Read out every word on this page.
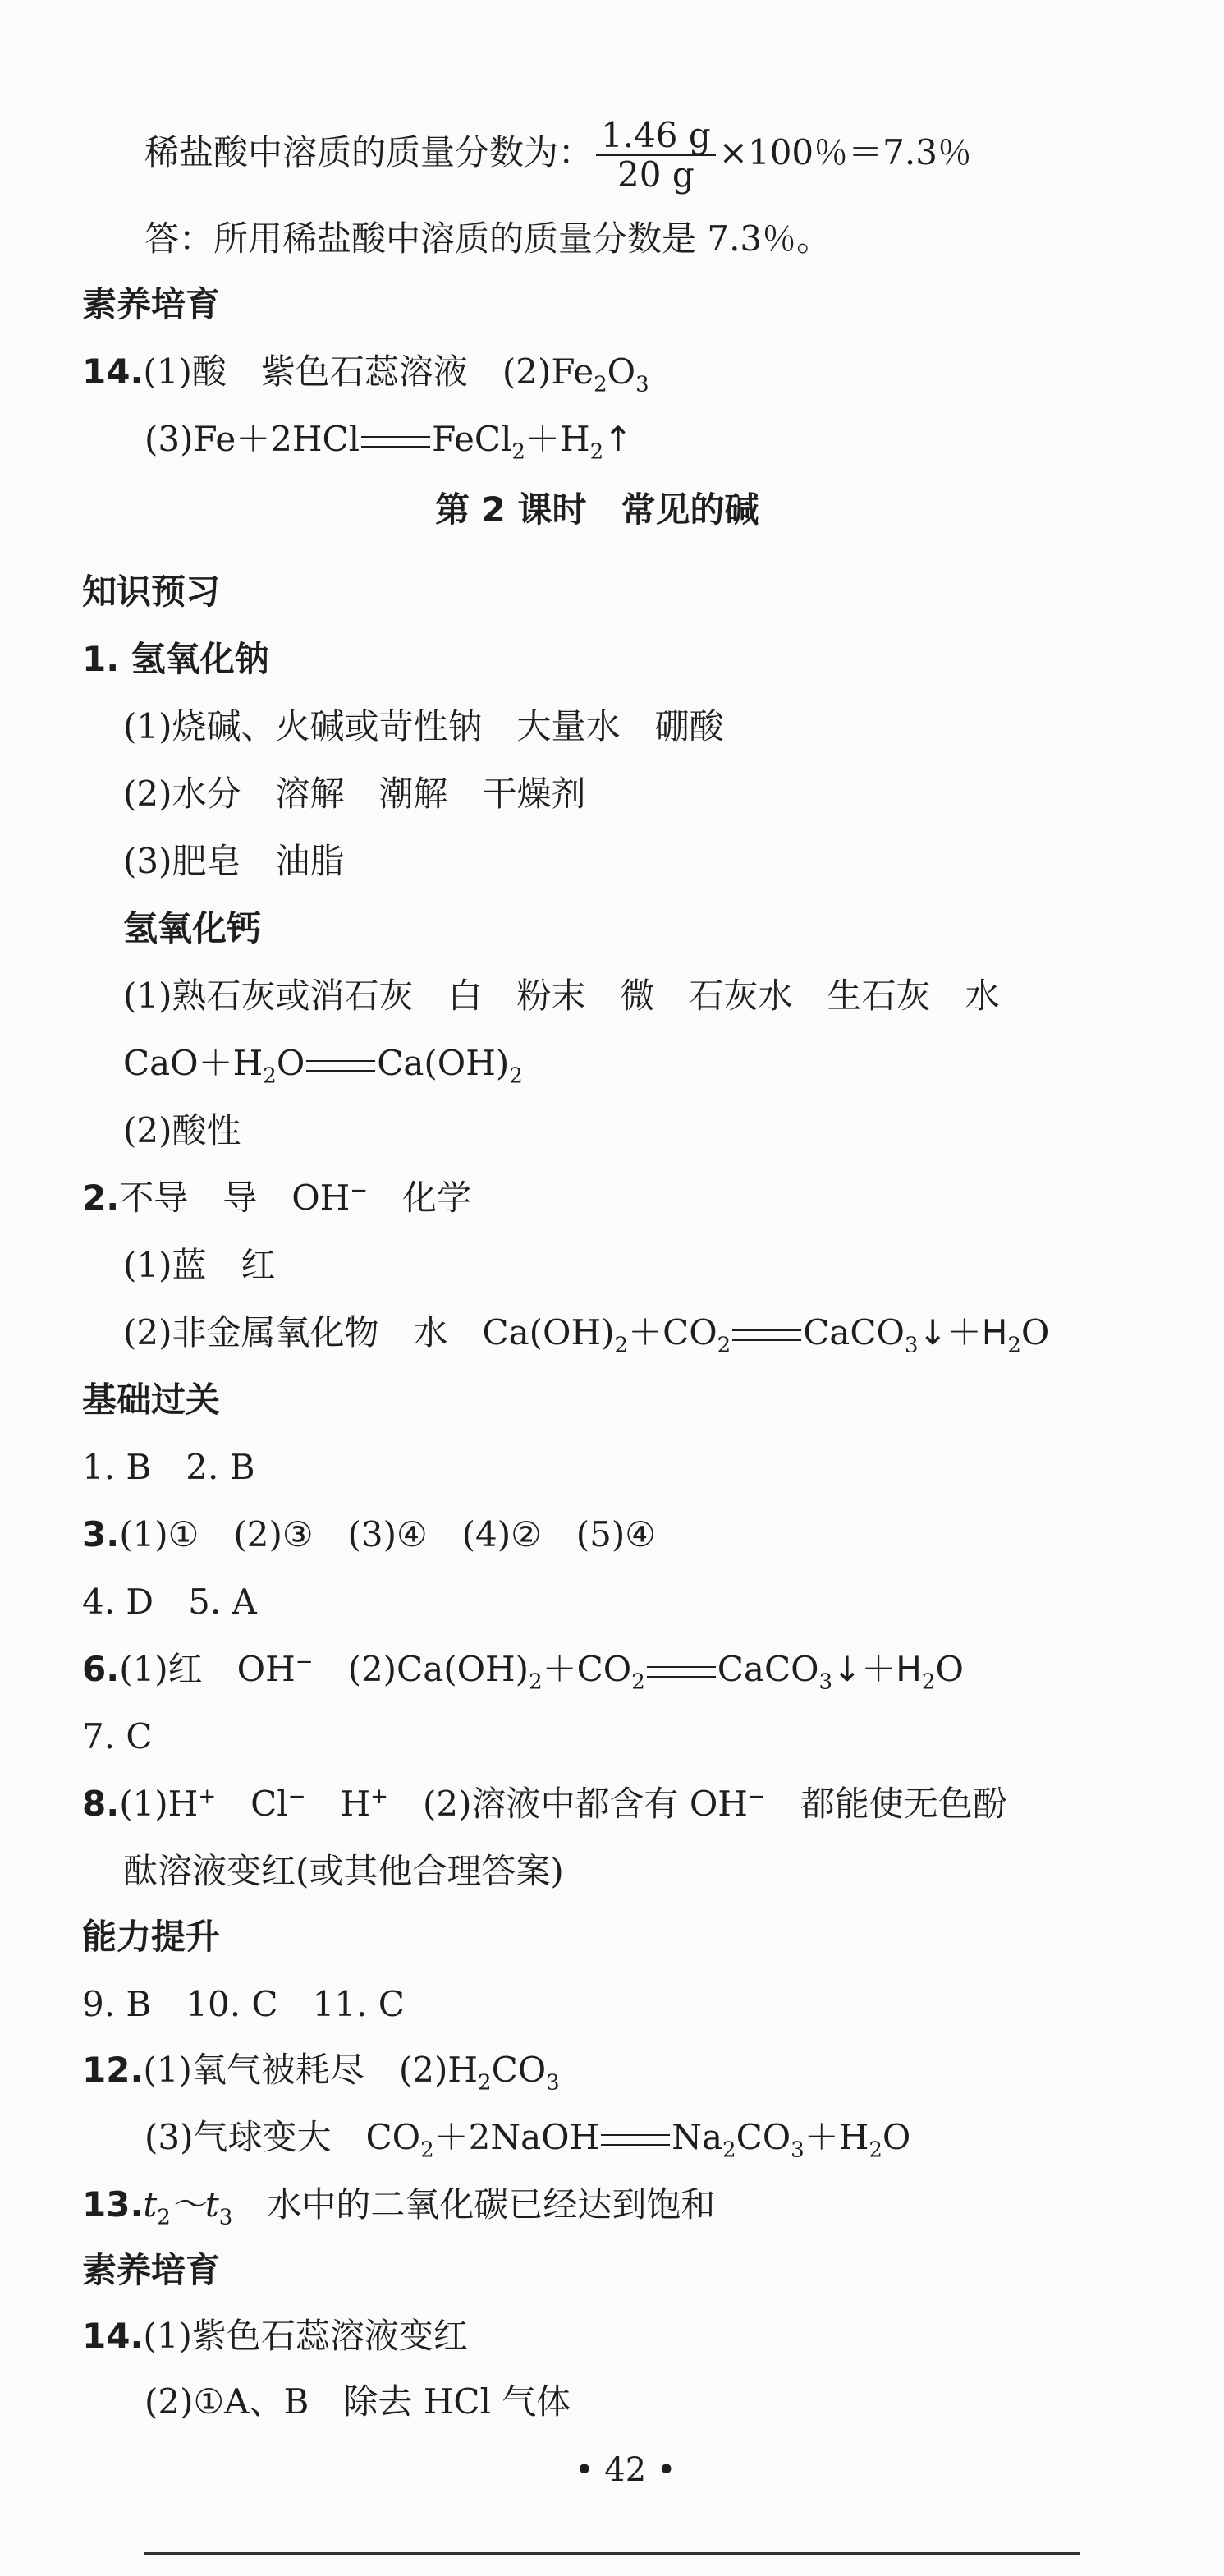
稀盐酸中溶质的质量分数为： $\frac{1.46 g}{20 g} \times 100$％＝7.3％
答：所用稀盐酸中溶质的质量分数是 7.3％。
素养培育
14.(1)酸　紫色石蕊溶液　$(2)Fe_2O_3$
(3)Fe＋2HCl $FeCl_2+H_2↑$
第 2 课时　常见的碱
知识预习
1. 氢氧化钠
(1)烧碱、火碱或苛性钠　大量水　硼酸
(2)水分　溶解　潮解　干燥剂
(3)肥皂　油脂
氢氧化钙
(1)熟石灰或消石灰　白　粉末　微　石灰水　生石灰　水
$CaO+H_2O$ $Ca(OH)_2$
(2)酸性
2.不导　导　OH−　化学
(1)蓝　红
(2)非金属氧化物　水　$Ca(OH)_2+CO_2$ $CaCO_3↓+H_2O$
基础过关
1. B　2. B
3.(1)①　(2)③　(3)④　(4)②　(5)④
4. D　5. A
6.(1)红　OH−　$(2)Ca(OH)_2+CO_2$ $CaCO_3↓+H_2O$
7. C
8.(1)H+　Cl−　H+　(2)溶液中都含有 OH−　都能使无色酚
酞溶液变红(或其他合理答案)
能力提升
9. B　10. C　11. C
12.(1)氧气被耗尽　$(2)H_2CO_3$
(3)气球变大　$CO_2+2NaOH$ $Na_2CO_3+H_2O$
$13.t_2\sim t_3$　水中的二氧化碳已经达到饱和
素养培育
14.(1)紫色石蕊溶液变红
(2)①A、B　除去 HCl 气体
• 42 •
